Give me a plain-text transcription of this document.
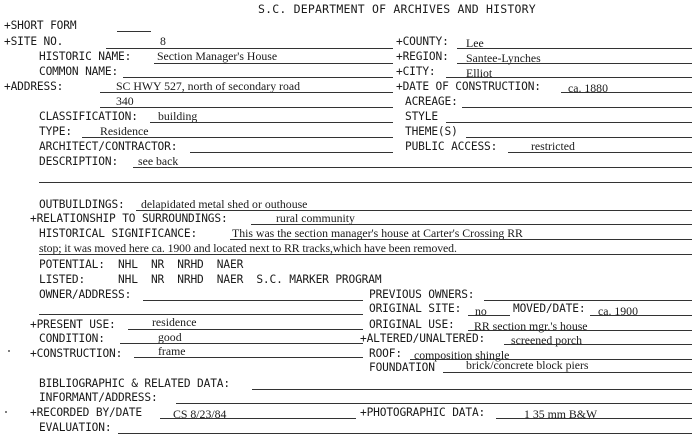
S.C. DEPARTMENT OF ARCHIVES AND HISTORY
+SHORT FORM
+SITE NO.	8	+COUNTY: Lee
HISTORIC NAME: Section Manager's House	+REGION: Santee-Lynches
COMMON NAME:	+CITY:	Elliot
+ADDRESS:	SC HWY 527, north of secondary road	+DATE OF CONSTRUCTION: ca. 1880
340	ACREAGE:
CLASSIFICATION: building	STYLE
TYPE: Residence	THEME(S)
ARCHITECT/CONTRACTOR:	PUBLIC ACCESS:	restricted
DESCRIPTION: see back
OUTBUILDINGS: delapidated metal shed or outhouse
+RELATIONSHIP TO SURROUNDINGS:	rural community
HISTORICAL SIGNIFICANCE:	This was the section manager's house at Carter's Crossing RR
stop; it was moved here ca. 1900 and located next to RR tracks,which have been removed.
POTENTIAL:  NHL  NR  NRHD  NAER
LISTED:     NHL  NR  NRHD  NAER  S.C. MARKER PROGRAM
OWNER/ADDRESS:	PREVIOUS OWNERS:
ORIGINAL SITE: no MOVED/DATE: ca. 1900
+PRESENT USE:	residence	ORIGINAL USE: RR section mgr.'s house
CONDITION:	good	+ALTERED/UNALTERED: screened porch
+CONSTRUCTION:	frame	ROOF: composition shingle
FOUNDATION	brick/concrete block piers
BIBLIOGRAPHIC & RELATED DATA:
INFORMANT/ADDRESS:
+RECORDED BY/DATE	CS 8/23/84	+PHOTOGRAPHIC DATA:	1 35 mm B&W
EVALUATION:
